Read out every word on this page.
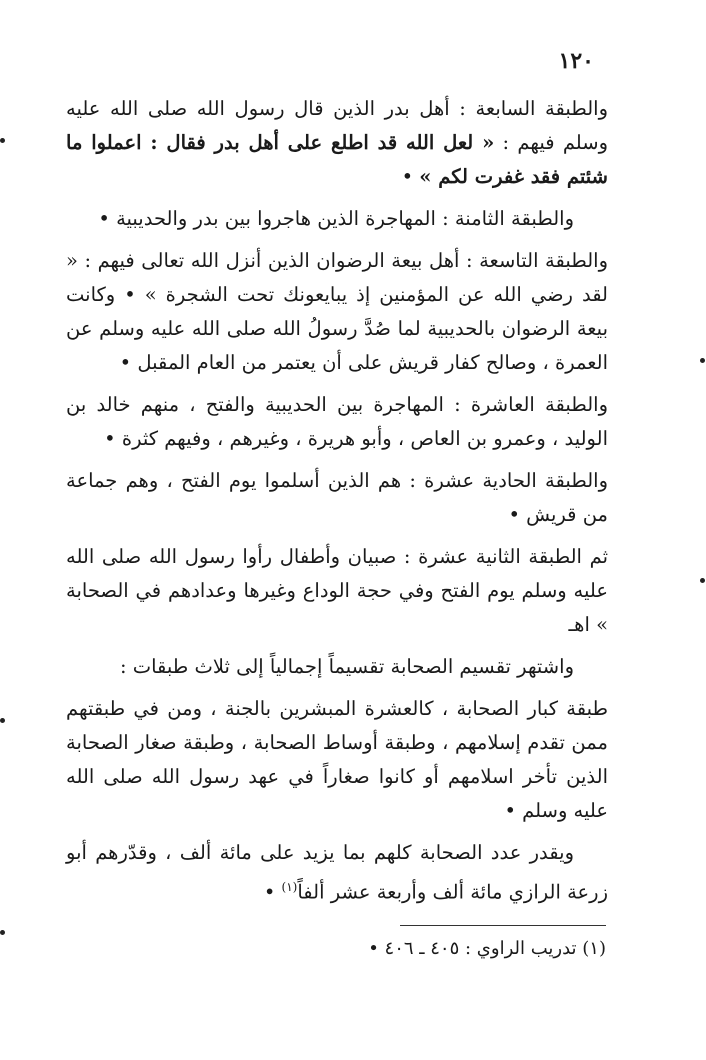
١٢٠

والطبقة السابعة : أهل بدر الذين قال رسول الله صلى الله عليه وسلم فيهم : « لعل الله قد اطلع على أهل بدر فقال : اعملوا ما شئتم فقد غفرت لكم » •

والطبقة الثامنة : المهاجرة الذين هاجروا بين بدر والحديبية •

والطبقة التاسعة : أهل بيعة الرضوان الذين أنزل الله تعالى فيهم : « لقد رضي الله عن المؤمنين إذ يبايعونك تحت الشجرة » • وكانت بيعة الرضوان بالحديبية لما صُدَّ رسولُ الله صلى الله عليه وسلم عن العمرة ، وصالح كفار قريش على أن يعتمر من العام المقبل •

والطبقة العاشرة : المهاجرة بين الحديبية والفتح ، منهم خالد بن الوليد ، وعمرو بن العاص ، وأبو هريرة ، وغيرهم ، وفيهم كثرة •

والطبقة الحادية عشرة : هم الذين أسلموا يوم الفتح ، وهم جماعة من قريش •

ثم الطبقة الثانية عشرة : صبيان وأطفال رأوا رسول الله صلى الله عليه وسلم يوم الفتح وفي حجة الوداع وغيرها وعدادهم في الصحابة » اهـ

واشتهر تقسيم الصحابة تقسيماً إجمالياً إلى ثلاث طبقات :

طبقة كبار الصحابة ، كالعشرة المبشرين بالجنة ، ومن في طبقتهم ممن تقدم إسلامهم ، وطبقة أوساط الصحابة ، وطبقة صغار الصحابة الذين تأخر اسلامهم أو كانوا صغاراً في عهد رسول الله صلى الله عليه وسلم •

ويقدر عدد الصحابة كلهم بما يزيد على مائة ألف ، وقدّرهم أبو زرعة الرازي مائة ألف وأربعة عشر ألفاً$^{(١)}$ •

(١) تدريب الراوي : ٤٠٥ ـ ٤٠٦ •
